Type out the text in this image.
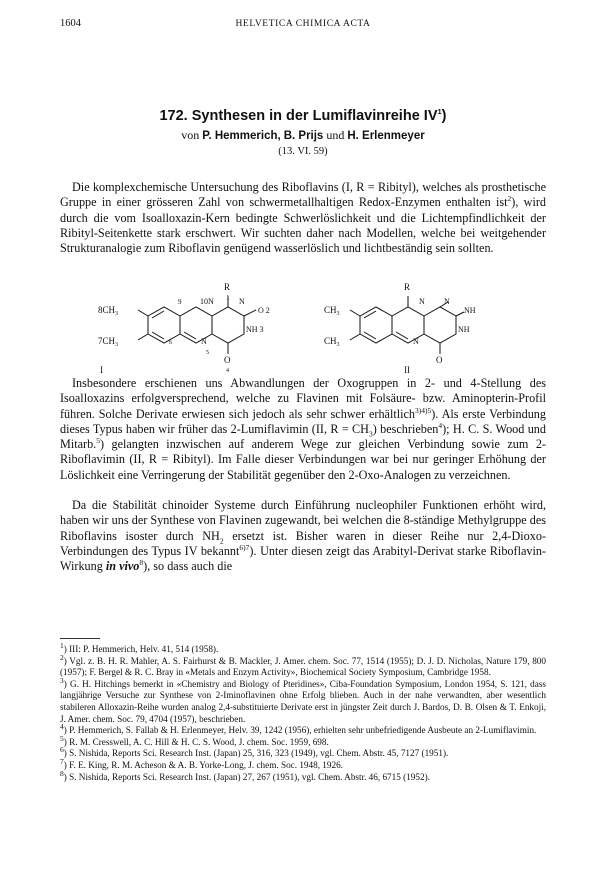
1604	HELVETICA CHIMICA ACTA
172. Synthesen in der Lumiflavinreihe $IV^1$)
von P. Hemmerich, B. Prijs und H. Erlenmeyer
(13. VI. 59)
Die komplexchemische Untersuchung des Riboflavins (I, R = Ribityl), welches als prosthetische Gruppe in einer grösseren Zahl von schwermetallhaltigen Redox-Enzymen enthalten ist$^2$), wird durch die vom Isoalloxazin-Kern bedingte Schwerlöslichkeit und die Lichtempfindlichkeit der Ribityl-Seitenkette stark erschwert. Wir suchten daher nach Modellen, welche bei weitgehender Strukturanalogie zum Riboflavin genügend wasserlöslich und lichtbeständig sein sollten.
R
1
$8CH_3$
$7CH_3$
9 10N	N
O 2
NH 3
N
6
5
O
4
I
R
$CH_3$
$CH_3$
N N
NH
NH
N
O
II
Insbesondere erschienen uns Abwandlungen der Oxogruppen in 2- und 4-Stellung des Isoalloxazins erfolgversprechend, welche zu Flavinen mit Folsäure- bzw. Aminopterin-Profil führen. Solche Derivate erwiesen sich jedoch als sehr schwer erhältlich$^{3)4)5}$). Als erste Verbindung dieses Typus haben wir früher das 2-Lumiflavimin (II, $R = CH_3$) beschrieben$^4$); H. C. S. Wood und Mitarb.$^5$) gelangten inzwischen auf anderem Wege zur gleichen Verbindung sowie zum 2-Riboflavimin (II, R = Ribityl). Im Falle dieser Verbindungen war bei nur geringer Erhöhung der Löslichkeit eine Verringerung der Stabilität gegenüber den 2-Oxo-Analogen zu verzeichnen.
Da die Stabilität chinoider Systeme durch Einführung nucleophiler Funktionen erhöht wird, haben wir uns der Synthese von Flavinen zugewandt, bei welchen die 8-ständige Methylgruppe des Riboflavins isoster durch $NH_2$ ersetzt ist. Bisher waren in dieser Reihe nur 2,4-Dioxo-Verbindungen des Typus IV bekannt$^{6)7}$). Unter diesen zeigt das Arabityl-Derivat starke Riboflavin-Wirkung in vivo$^8$), so dass auch die
$^1$) III: P. Hemmerich, Helv. 41, 514 (1958).
$^2$) Vgl. z. B. H. R. Mahler, A. S. Fairhurst & B. Mackler, J. Amer. chem. Soc. 77, 1514 (1955); D. J. D. Nicholas, Nature 179, 800 (1957); F. Bergel & R. C. Bray in «Metals and Enzym Activity», Biochemical Society Symposium, Cambridge 1958.
$^3$) G. H. Hitchings bemerkt in «Chemistry and Biology of Pteridines», Ciba-Foundation Symposium, London 1954, S. 121, dass langjährige Versuche zur Synthese von 2-Iminoflavinen ohne Erfolg blieben. Auch in der nahe verwandten, aber wesentlich stabileren Alloxazin-Reihe wurden analog 2,4-substituierte Derivate erst in jüngster Zeit durch J. Bardos, D. B. Olsen & T. Enkoji, J. Amer. chem. Soc. 79, 4704 (1957), beschrieben.
$^4$) P. Hemmerich, S. Fallab & H. Erlenmeyer, Helv. 39, 1242 (1956), erhielten sehr unbefriedigende Ausbeute an 2-Lumiflavimin.
$^5$) R. M. Cresswell, A. C. Hill & H. C. S. Wood, J. chem. Soc. 1959, 698.
$^6$) S. Nishida, Reports Sci. Research Inst. (Japan) 25, 316, 323 (1949), vgl. Chem. Abstr. 45, 7127 (1951).
$^7$) F. E. King, R. M. Acheson & A. B. Yorke-Long, J. chem. Soc. 1948, 1926.
$^8$) S. Nishida, Reports Sci. Research Inst. (Japan) 27, 267 (1951), vgl. Chem. Abstr. 46, 6715 (1952).
